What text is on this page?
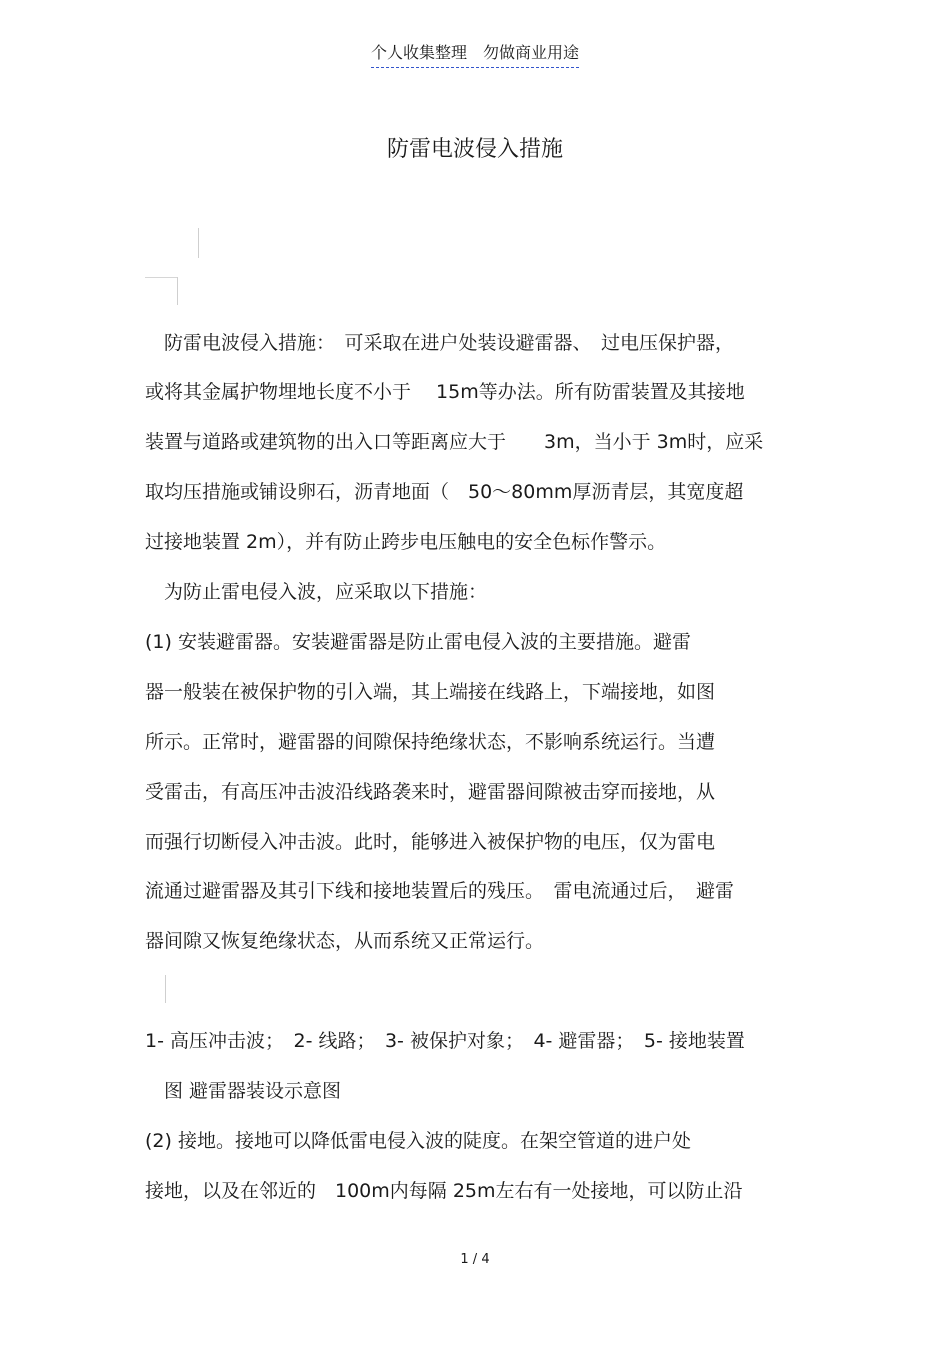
个人收集整理　勿做商业用途
防雷电波侵入措施
　防雷电波侵入措施：　可采取在进户处装设避雷器、　过电压保护器，
或将其金属护物埋地长度不小于　 15m等办法。所有防雷装置及其接地
装置与道路或建筑物的出入口等距离应大于　　3m，当小于 3m时，应采
取均压措施或铺设卵石，沥青地面（　50～80mm厚沥青层，其宽度超
过接地装置 2m），并有防止跨步电压触电的安全色标作警示。
　为防止雷电侵入波，应采取以下措施：
(1) 安装避雷器。安装避雷器是防止雷电侵入波的主要措施。避雷
器一般装在被保护物的引入端，其上端接在线路上，下端接地，如图
所示。正常时，避雷器的间隙保持绝缘状态，不影响系统运行。当遭
受雷击，有高压冲击波沿线路袭来时，避雷器间隙被击穿而接地，从
而强行切断侵入冲击波。此时，能够进入被保护物的电压，仅为雷电
流通过避雷器及其引下线和接地装置后的残压。　雷电流通过后，　避雷
器间隙又恢复绝缘状态，从而系统又正常运行。
1- 高压冲击波；　2- 线路；　3- 被保护对象；　4- 避雷器；　5- 接地装置
　图 避雷器装设示意图
(2) 接地。接地可以降低雷电侵入波的陡度。在架空管道的进户处
接地，以及在邻近的　100m内每隔 25m左右有一处接地，可以防止沿
1 / 4
